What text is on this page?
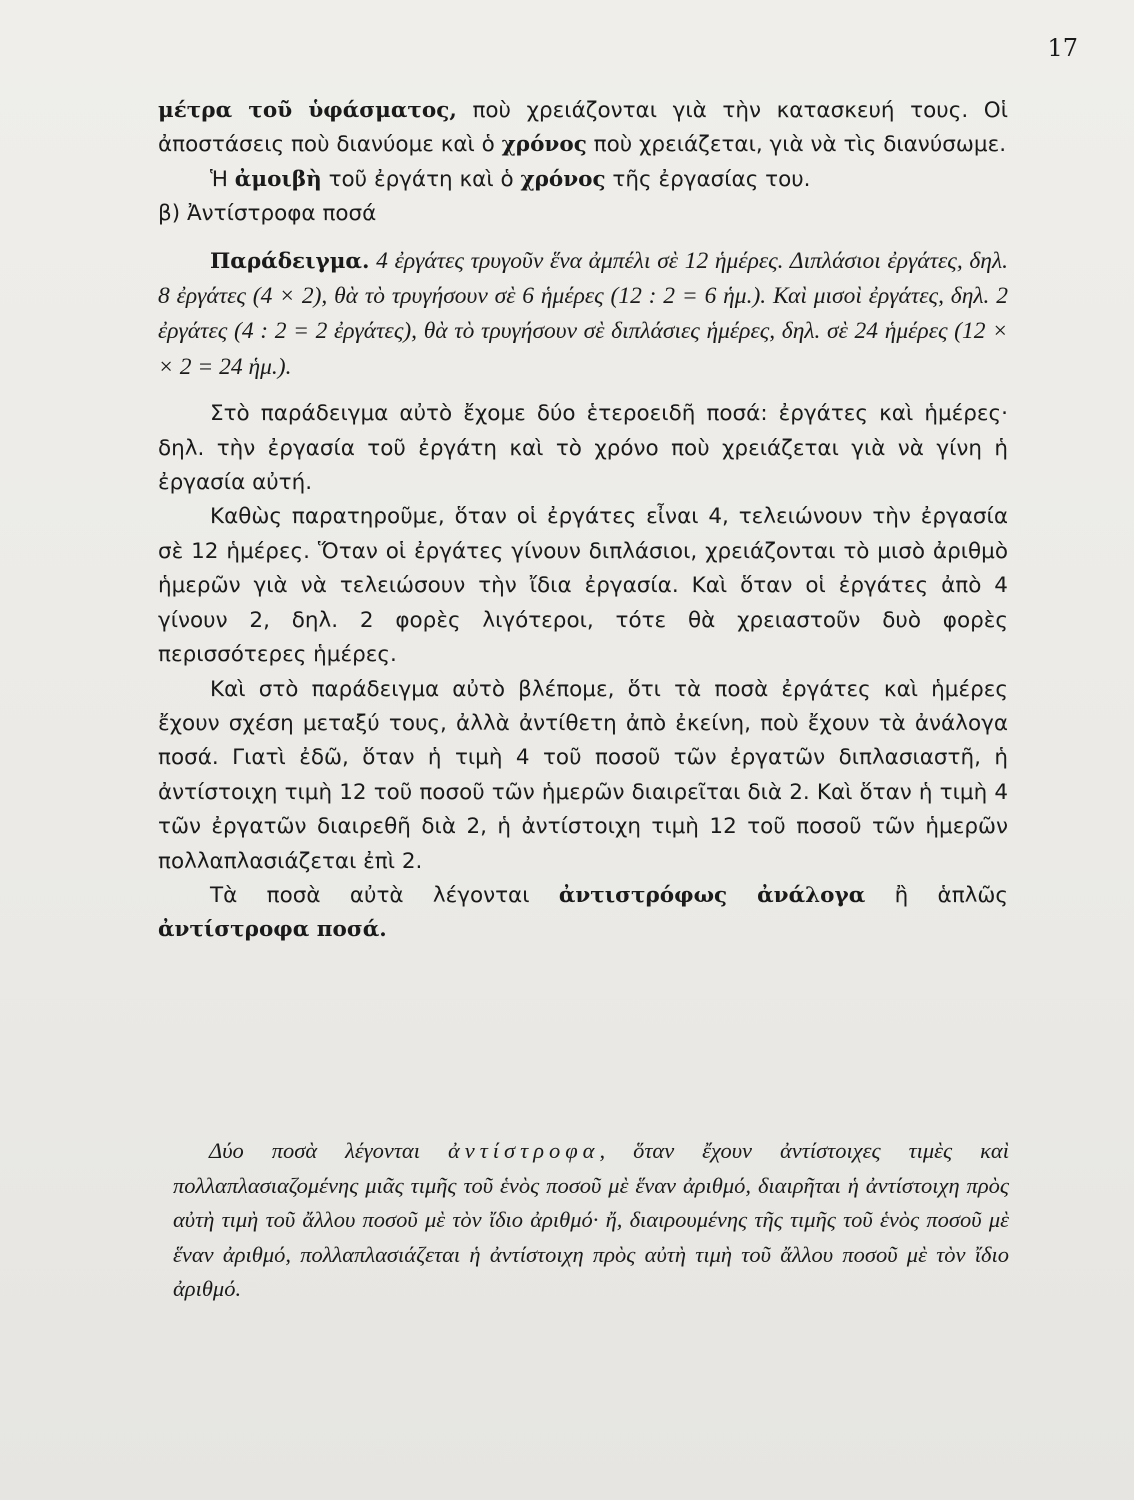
17

μέτρα τοῦ ὑφάσματος, ποὺ χρειάζονται γιὰ τὴν κατασκευή τους. Οἱ ἀποστάσεις ποὺ διανύομε καὶ ὁ χρόνος ποὺ χρειάζεται, γιὰ νὰ τὶς διανύσωμε.

Ἡ ἀμοιβὴ τοῦ ἐργάτη καὶ ὁ χρόνος τῆς ἐργασίας του.

β) Ἀντίστροφα ποσά

Παράδειγμα. 4 ἐργάτες τρυγοῦν ἕνα ἀμπέλι σὲ 12 ἡμέρες. Διπλάσιοι ἐργάτες, δηλ. 8 ἐργάτες (4 × 2), θὰ τὸ τρυγήσουν σὲ 6 ἡμέρες (12 : 2 = 6 ἡμ.). Καὶ μισοὶ ἐργάτες, δηλ. 2 ἐργάτες (4 : 2 = 2 ἐργάτες), θὰ τὸ τρυγήσουν σὲ διπλάσιες ἡμέρες, δηλ. σὲ 24 ἡμέρες (12 × × 2 = 24 ἡμ.).

Στὸ παράδειγμα αὐτὸ ἔχομε δύο ἑτεροειδῆ ποσά: ἐργάτες καὶ ἡμέρες· δηλ. τὴν ἐργασία τοῦ ἐργάτη καὶ τὸ χρόνο ποὺ χρειάζεται γιὰ νὰ γίνη ἡ ἐργασία αὐτή.

Καθὼς παρατηροῦμε, ὅταν οἱ ἐργάτες εἶναι 4, τελειώνουν τὴν ἐργασία σὲ 12 ἡμέρες. Ὅταν οἱ ἐργάτες γίνουν διπλάσιοι, χρειάζονται τὸ μισὸ ἀριθμὸ ἡμερῶν γιὰ νὰ τελειώσουν τὴν ἴδια ἐργασία. Καὶ ὅταν οἱ ἐργάτες ἀπὸ 4 γίνουν 2, δηλ. 2 φορὲς λιγότεροι, τότε θὰ χρειαστοῦν δυὸ φορὲς περισσότερες ἡμέρες.

Καὶ στὸ παράδειγμα αὐτὸ βλέπομε, ὅτι τὰ ποσὰ ἐργάτες καὶ ἡμέρες ἔχουν σχέση μεταξύ τους, ἀλλὰ ἀντίθετη ἀπὸ ἐκείνη, ποὺ ἔχουν τὰ ἀνάλογα ποσά. Γιατὶ ἐδῶ, ὅταν ἡ τιμὴ 4 τοῦ ποσοῦ τῶν ἐργατῶν διπλασιαστῆ, ἡ ἀντίστοιχη τιμὴ 12 τοῦ ποσοῦ τῶν ἡμερῶν διαιρεῖται διὰ 2. Καὶ ὅταν ἡ τιμὴ 4 τῶν ἐργατῶν διαιρεθῆ διὰ 2, ἡ ἀντίστοιχη τιμὴ 12 τοῦ ποσοῦ τῶν ἡμερῶν πολλαπλασιάζεται ἐπὶ 2.

Τὰ ποσὰ αὐτὰ λέγονται ἀντιστρόφως ἀνάλογα ἢ ἁπλῶς ἀντίστροφα ποσά.

Δύο ποσὰ λέγονται ἀντίστροφα, ὅταν ἔχουν ἀντίστοιχες τιμὲς καὶ πολλαπλασιαζομένης μιᾶς τιμῆς τοῦ ἑνὸς ποσοῦ μὲ ἕναν ἀριθμό, διαιρῆται ἡ ἀντίστοιχη πρὸς αὐτὴ τιμὴ τοῦ ἄλλου ποσοῦ μὲ τὸν ἴδιο ἀριθμό· ἤ, διαιρουμένης τῆς τιμῆς τοῦ ἑνὸς ποσοῦ μὲ ἕναν ἀριθμό, πολλαπλασιάζεται ἡ ἀντίστοιχη πρὸς αὐτὴ τιμὴ τοῦ ἄλλου ποσοῦ μὲ τὸν ἴδιο ἀριθμό.
